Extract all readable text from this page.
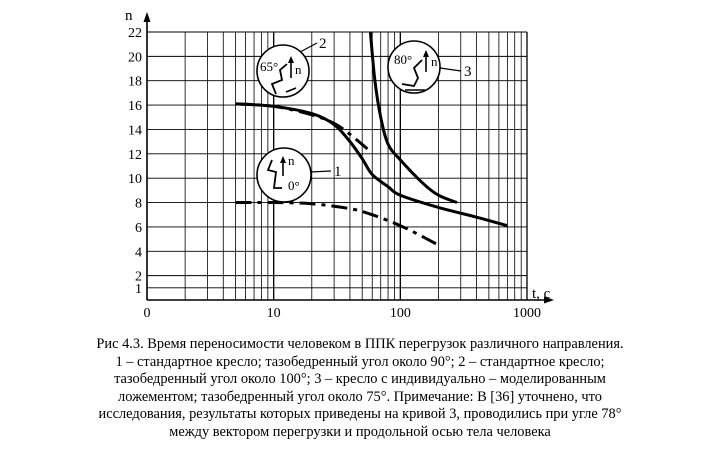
1
2
4
6
8
10
12
14
16
18
20
22
0	10	100	1000
n
t, с
1
2
3
65° n
80° n
n
0°
Рис 4.3. Время переносимости человеком в ППК перегрузок различного направления.
1 – стандартное кресло; тазобедренный угол около 90°; 2 – стандартное кресло;
тазобедренный угол около 100°; 3 – кресло с индивидуально – моделированным
ложементом; тазобедренный угол около 75°. Примечание: В [36] уточнено, что
исследования, результаты которых приведены на кривой 3, проводились при угле 78°
между вектором перегрузки и продольной осью тела человека
